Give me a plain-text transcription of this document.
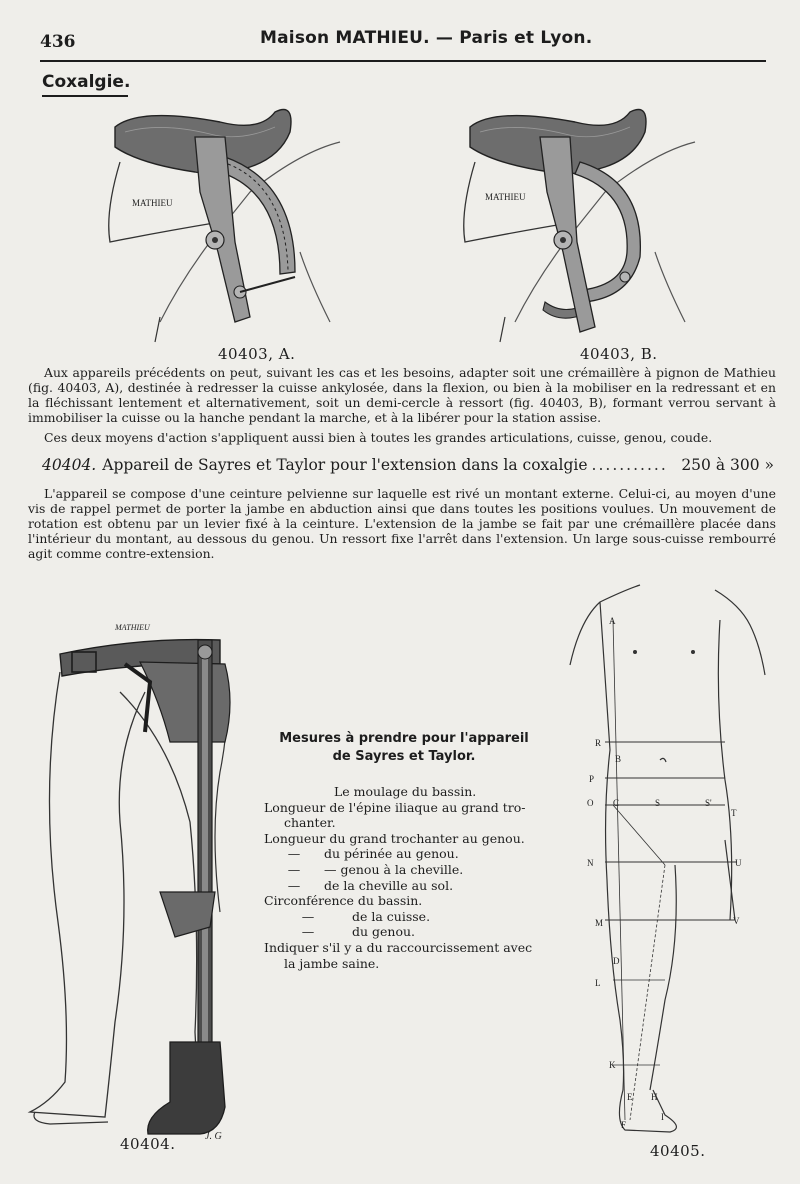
436	Maison MATHIEU. — Paris et Lyon.
Coxalgie.
MATHIEU
40403, A.
MATHIEU
40403, B.
Aux appareils précédents on peut, suivant les cas et les besoins, adapter soit une crémaillère à pignon de Mathieu (fig. 40403, A), destinée à redresser la cuisse ankylosée, dans la flexion, ou bien à la mobiliser en la redressant et en la fléchissant lentement et alternativement, soit un demi-cercle à ressort (fig. 40403, B), formant verrou servant à immobiliser la cuisse ou la hanche pendant la marche, et à la libérer pour la station assise.
Ces deux moyens d'action s'appliquent aussi bien à toutes les grandes articulations, cuisse, genou, coude.
40404. Appareil de Sayres et Taylor pour l'extension dans la coxalgie ........... 250 à 300 »
L'appareil se compose d'une ceinture pelvienne sur laquelle est rivé un montant externe. Celui-ci, au moyen d'une vis de rappel permet de porter la jambe en abduction ainsi que dans toutes les positions voulues. Un mouvement de rotation est obtenu par un levier fixé à la ceinture. L'extension de la jambe se fait par une crémaillère placée dans l'intérieur du montant, au dessous du genou. Un ressort fixe l'arrêt dans l'extension. Un large sous-cuisse rembourré agit comme contre-extension.
MATHIEU
J. G
40404.
Mesures à prendre pour l'appareil
de Sayres et Taylor.
Le moulage du bassin.
Longueur de l'épine iliaque au grand tro-
chanter.
Longueur du grand trochanter au genou.
— du périnée au genou.
— — genou à la cheville.
— de la cheville au sol.
Circonférence du bassin.
—	de la cuisse.
—	du genou.
Indiquer s'il y a du raccourcissement avec
la jambe saine.
A
R
B
P
O C	S	S'
T
N	U
M	V
D
L
K
E H
F
I
40405.
